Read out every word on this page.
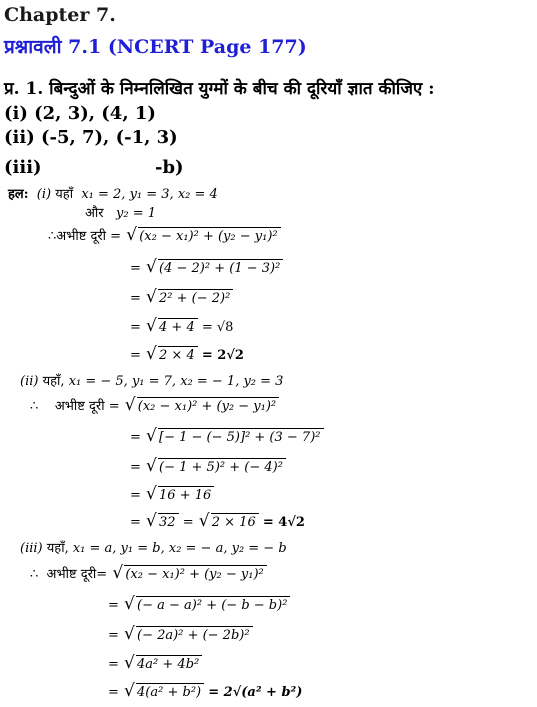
Chapter 7.
प्रश्नावली 7.1 (NCERT Page 177)
प्र. 1. बिन्दुओं के निम्नलिखित युग्मों के बीच की दूरियाँ ज्ञात कीजिए :
(i) (2, 3), (4, 1)
(ii) (-5, 7), (-1, 3)
(iii)	-b)
हल: (i) यहाँ x₁ = 2, y₁ = 3, x₂ = 4
और y₂ = 1
∴अभीष्ट दूरी = √ (x₂ − x₁)² + (y₂ − y₁)²
= √ (4 − 2)² + (1 − 3)²
= √ 2² + (− 2)²
= √ 4 + 4 = √8
= √ 2 × 4 = 2√2
(ii) यहाँ, x₁ = − 5, y₁ = 7, x₂ = − 1, y₂ = 3
∴ अभीष्ट दूरी = √ (x₂ − x₁)² + (y₂ − y₁)²
= √ [− 1 − (− 5)]² + (3 − 7)²
= √ (− 1 + 5)² + (− 4)²
= √ 16 + 16
= √ 32 = √ 2 × 16 = 4√2
(iii) यहाँ, x₁ = a, y₁ = b, x₂ = − a, y₂ = − b
∴ अभीष्ट दूरी= √ (x₂ − x₁)² + (y₂ − y₁)²
= √ (− a − a)² + (− b − b)²
= √ (− 2a)² + (− 2b)²
= √ 4a² + 4b²
= √ 4(a² + b²) = 2√(a² + b²)
